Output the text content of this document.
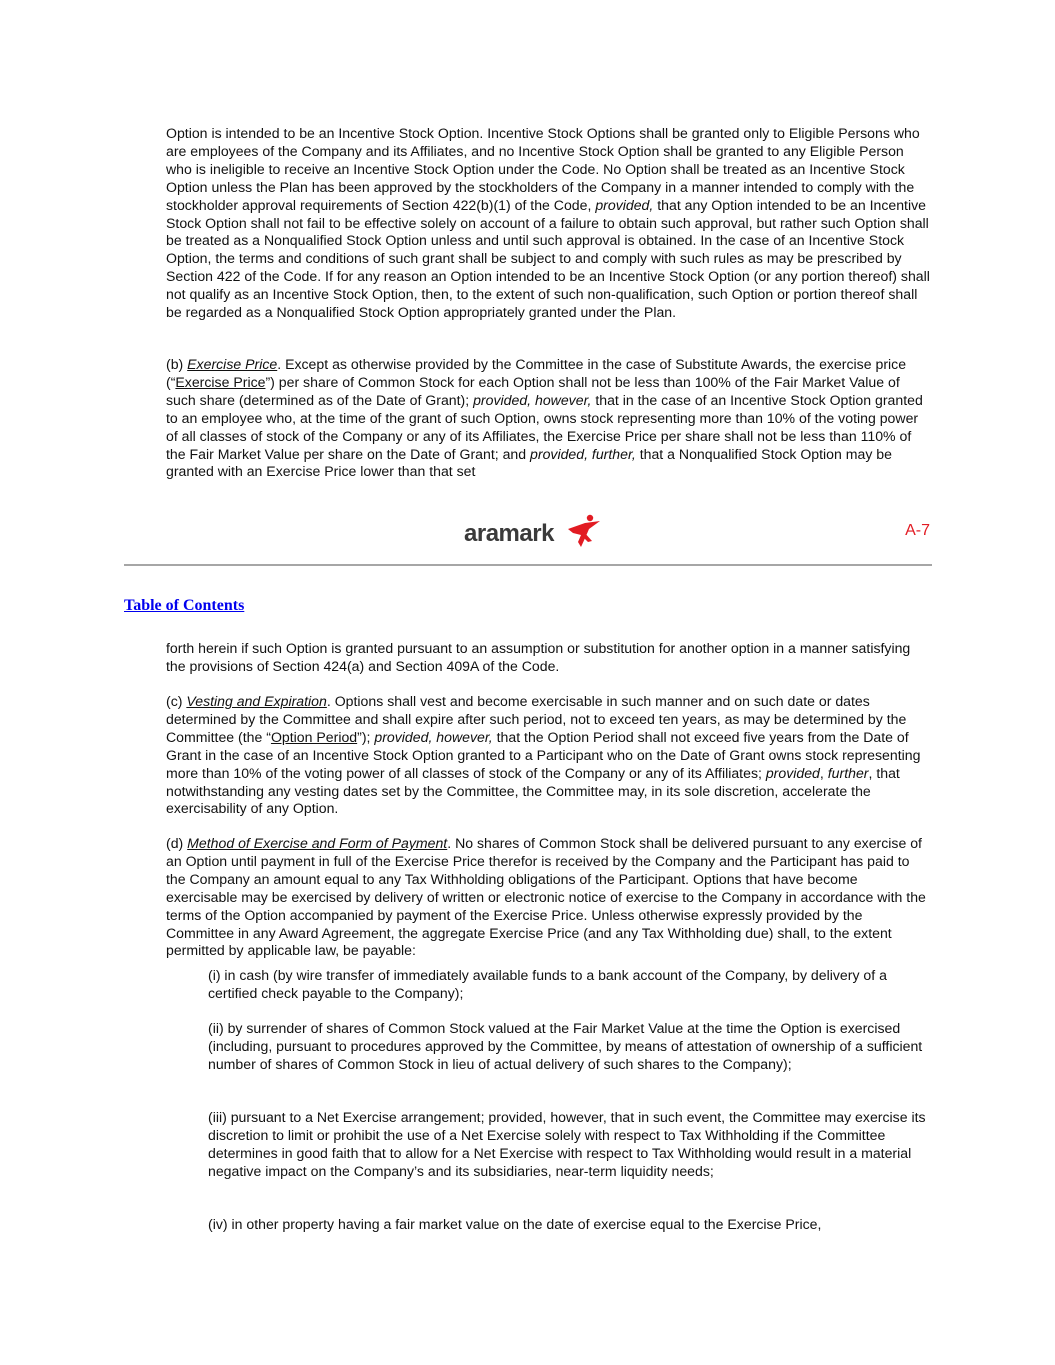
Option is intended to be an Incentive Stock Option. Incentive Stock Options shall be granted only to Eligible Persons who are employees of the Company and its Affiliates, and no Incentive Stock Option shall be granted to any Eligible Person who is ineligible to receive an Incentive Stock Option under the Code. No Option shall be treated as an Incentive Stock Option unless the Plan has been approved by the stockholders of the Company in a manner intended to comply with the stockholder approval requirements of Section 422(b)(1) of the Code, provided, that any Option intended to be an Incentive Stock Option shall not fail to be effective solely on account of a failure to obtain such approval, but rather such Option shall be treated as a Nonqualified Stock Option unless and until such approval is obtained. In the case of an Incentive Stock Option, the terms and conditions of such grant shall be subject to and comply with such rules as may be prescribed by Section 422 of the Code. If for any reason an Option intended to be an Incentive Stock Option (or any portion thereof) shall not qualify as an Incentive Stock Option, then, to the extent of such non-qualification, such Option or portion thereof shall be regarded as a Nonqualified Stock Option appropriately granted under the Plan.

(b) Exercise Price. Except as otherwise provided by the Committee in the case of Substitute Awards, the exercise price (“Exercise Price”) per share of Common Stock for each Option shall not be less than 100% of the Fair Market Value of such share (determined as of the Date of Grant); provided, however, that in the case of an Incentive Stock Option granted to an employee who, at the time of the grant of such Option, owns stock representing more than 10% of the voting power of all classes of stock of the Company or any of its Affiliates, the Exercise Price per share shall not be less than 110% of the Fair Market Value per share on the Date of Grant; and provided, further, that a Nonqualified Stock Option may be granted with an Exercise Price lower than that set

aramark	A-7
Table of Contents

forth herein if such Option is granted pursuant to an assumption or substitution for another option in a manner satisfying the provisions of Section 424(a) and Section 409A of the Code.

(c) Vesting and Expiration. Options shall vest and become exercisable in such manner and on such date or dates determined by the Committee and shall expire after such period, not to exceed ten years, as may be determined by the Committee (the “Option Period”); provided, however, that the Option Period shall not exceed five years from the Date of Grant in the case of an Incentive Stock Option granted to a Participant who on the Date of Grant owns stock representing more than 10% of the voting power of all classes of stock of the Company or any of its Affiliates; provided, further, that notwithstanding any vesting dates set by the Committee, the Committee may, in its sole discretion, accelerate the exercisability of any Option.

(d) Method of Exercise and Form of Payment. No shares of Common Stock shall be delivered pursuant to any exercise of an Option until payment in full of the Exercise Price therefor is received by the Company and the Participant has paid to the Company an amount equal to any Tax Withholding obligations of the Participant. Options that have become exercisable may be exercised by delivery of written or electronic notice of exercise to the Company in accordance with the terms of the Option accompanied by payment of the Exercise Price. Unless otherwise expressly provided by the Committee in any Award Agreement, the aggregate Exercise Price (and any Tax Withholding due) shall, to the extent permitted by applicable law, be payable:

(i) in cash (by wire transfer of immediately available funds to a bank account of the Company, by delivery of a certified check payable to the Company);

(ii) by surrender of shares of Common Stock valued at the Fair Market Value at the time the Option is exercised (including, pursuant to procedures approved by the Committee, by means of attestation of ownership of a sufficient number of shares of Common Stock in lieu of actual delivery of such shares to the Company);

(iii) pursuant to a Net Exercise arrangement; provided, however, that in such event, the Committee may exercise its discretion to limit or prohibit the use of a Net Exercise solely with respect to Tax Withholding if the Committee determines in good faith that to allow for a Net Exercise with respect to Tax Withholding would result in a material negative impact on the Company’s and its subsidiaries, near-term liquidity needs;

(iv) in other property having a fair market value on the date of exercise equal to the Exercise Price,
